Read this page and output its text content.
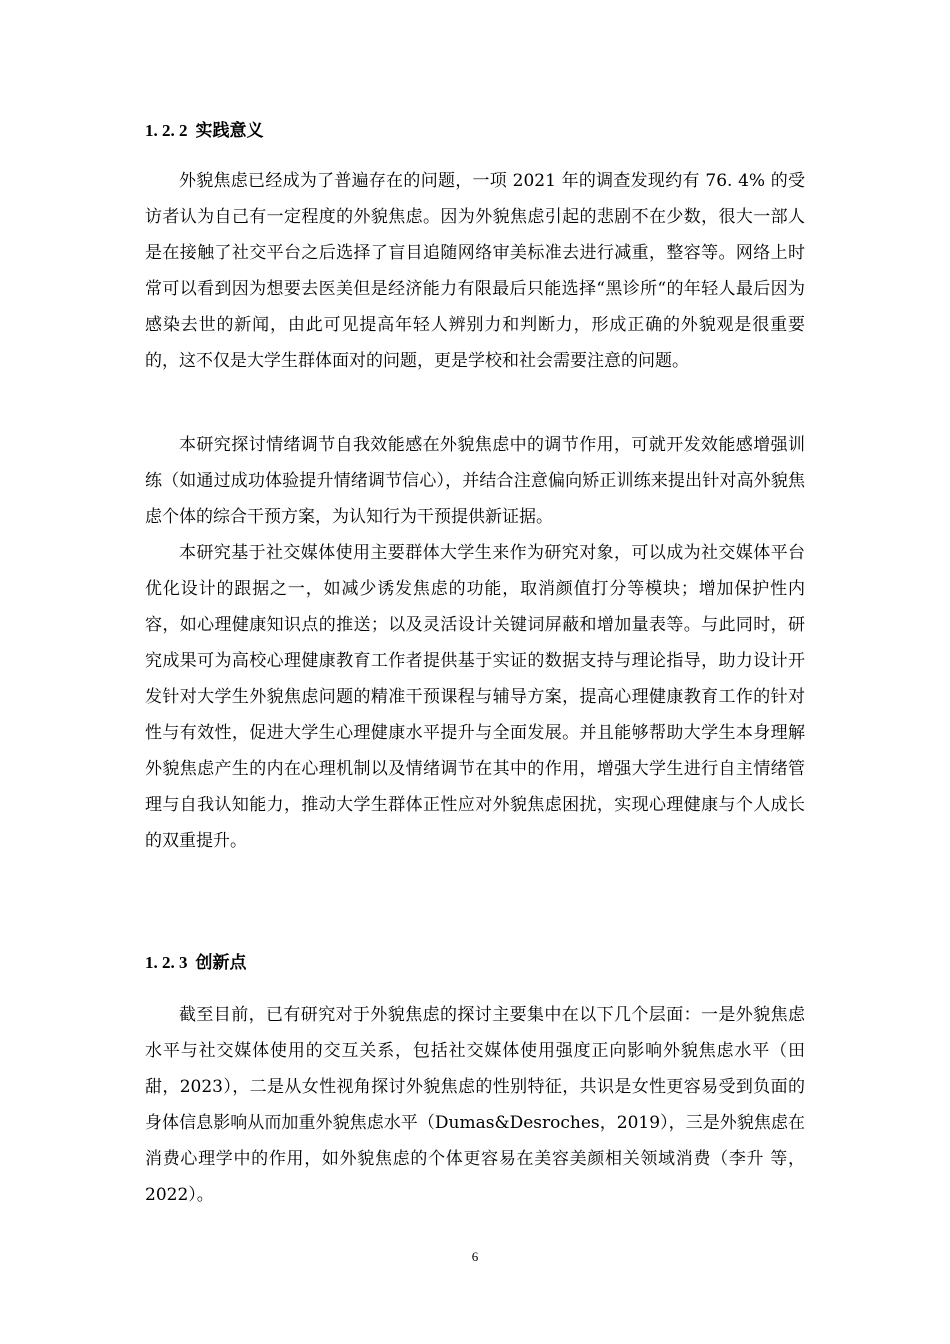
1. 2. 2 实践意义

外貌焦虑已经成为了普遍存在的问题，一项 2021 年的调查发现约有 76. 4% 的受访者认为自己有一定程度的外貌焦虑。因为外貌焦虑引起的悲剧不在少数，很大一部人是在接触了社交平台之后选择了盲目追随网络审美标准去进行减重，整容等。网络上时常可以看到因为想要去医美但是经济能力有限最后只能选择“黑诊所“的年轻人最后因为感染去世的新闻，由此可见提高年轻人辨别力和判断力，形成正确的外貌观是很重要的，这不仅是大学生群体面对的问题，更是学校和社会需要注意的问题。

本研究探讨情绪调节自我效能感在外貌焦虑中的调节作用，可就开发效能感增强训练（如通过成功体验提升情绪调节信心），并结合注意偏向矫正训练来提出针对高外貌焦虑个体的综合干预方案，为认知行为干预提供新证据。

本研究基于社交媒体使用主要群体大学生来作为研究对象，可以成为社交媒体平台优化设计的跟据之一，如减少诱发焦虑的功能，取消颜值打分等模块；增加保护性内容，如心理健康知识点的推送；以及灵活设计关键词屏蔽和增加量表等。与此同时，研究成果可为高校心理健康教育工作者提供基于实证的数据支持与理论指导，助力设计开发针对大学生外貌焦虑问题的精准干预课程与辅导方案，提高心理健康教育工作的针对性与有效性，促进大学生心理健康水平提升与全面发展。并且能够帮助大学生本身理解外貌焦虑产生的内在心理机制以及情绪调节在其中的作用，增强大学生进行自主情绪管理与自我认知能力，推动大学生群体正性应对外貌焦虑困扰，实现心理健康与个人成长的双重提升。

1. 2. 3 创新点

截至目前，已有研究对于外貌焦虑的探讨主要集中在以下几个层面：一是外貌焦虑水平与社交媒体使用的交互关系，包括社交媒体使用强度正向影响外貌焦虑水平（田甜，2023），二是从女性视角探讨外貌焦虑的性别特征，共识是女性更容易受到负面的身体信息影响从而加重外貌焦虑水平（Dumas&Desroches，2019），三是外貌焦虑在消费心理学中的作用，如外貌焦虑的个体更容易在美容美颜相关领域消费（李升 等，2022）。

6
